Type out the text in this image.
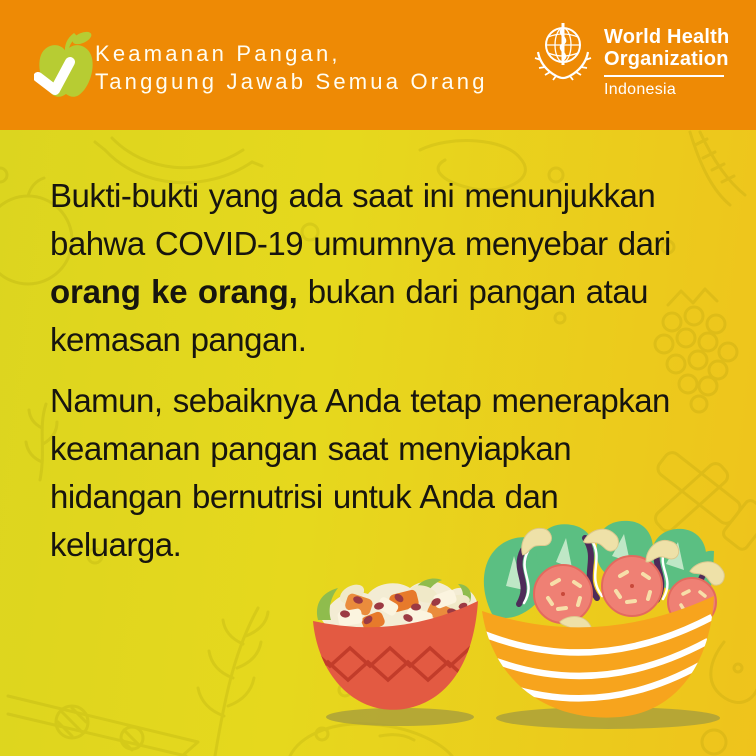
Keamanan Pangan,
Tanggung Jawab Semua Orang
World Health
Organization
Indonesia
Bukti-bukti yang ada saat ini menunjukkan
bahwa COVID-19 umumnya menyebar dari
orang ke orang, bukan dari pangan atau
kemasan pangan.
Namun, sebaiknya Anda tetap menerapkan
keamanan pangan saat menyiapkan
hidangan bernutrisi untuk Anda dan
keluarga.
